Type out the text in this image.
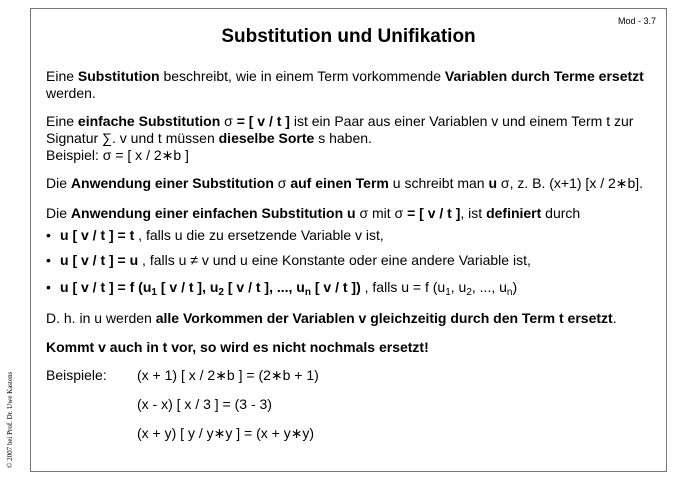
Mod - 3.7
Substitution und Unifikation
© 2007 bei Prof. Dr. Uwe Kastens
Eine Substitution beschreibt, wie in einem Term vorkommende Variablen durch Terme ersetzt werden.
Eine einfache Substitution σ = [ v / t ] ist ein Paar aus einer Variablen v und einem Term t zur Signatur ∑. v und t müssen dieselbe Sorte s haben.
Beispiel: σ = [ x / 2∗b ]
Die Anwendung einer Substitution σ auf einen Term u schreibt man u σ, z. B. (x+1) [x / 2∗b].
Die Anwendung einer einfachen Substitution u σ mit σ = [ v / t ], ist definiert durch
• u [ v / t ] = t , falls u die zu ersetzende Variable v ist,
• u [ v / t ] = u , falls u ≠ v und u eine Konstante oder eine andere Variable ist,
• u [ v / t ] = f ($u_1$ [ v / t ], $u_2$ [ v / t ], ..., $u_n$ [ v / t ]) , falls u = f ($u_1$, $u_2$, ..., $u_n$)
D. h. in u werden alle Vorkommen der Variablen v gleichzeitig durch den Term t ersetzt.
Kommt v auch in t vor, so wird es nicht nochmals ersetzt!
Beispiele: (x + 1) [ x / 2∗b ] = (2∗b + 1)
(x - x) [ x / 3 ] = (3 - 3)
(x + y) [ y / y∗y ] = (x + y∗y)
